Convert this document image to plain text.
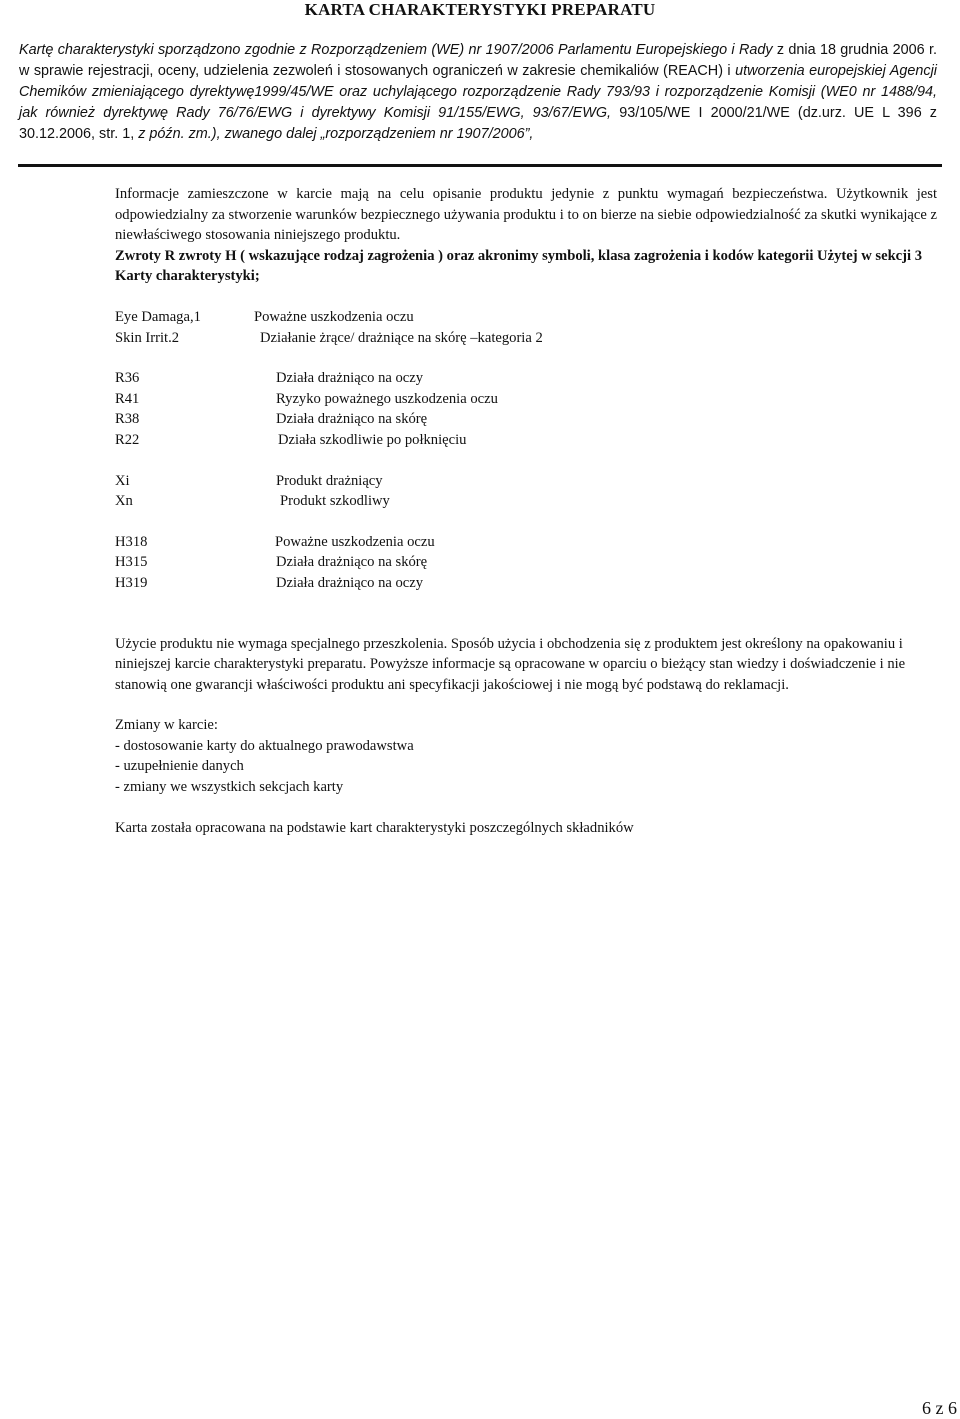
KARTA CHARAKTERYSTYKI PREPARATU
Kartę charakterystyki sporządzono zgodnie z Rozporządzeniem (WE) nr 1907/2006 Parlamentu Europejskiego i Rady z dnia 18 grudnia 2006 r. w sprawie rejestracji, oceny, udzielenia zezwoleń i stosowanych ograniczeń w zakresie chemikaliów (REACH) i utworzenia europejskiej Agencji Chemików zmieniającego dyrektywę1999/45/WE oraz uchylającego rozporządzenie Rady 793/93 i rozporządzenie Komisji (WE0 nr 1488/94, jak również dyrektywę Rady 76/76/EWG i dyrektywy Komisji 91/155/EWG, 93/67/EWG, 93/105/WE I 2000/21/WE (dz.urz. UE L 396 z 30.12.2006, str. 1, z późn. zm.), zwanego dalej „rozporządzeniem nr 1907/2006”,

Informacje zamieszczone w karcie mają na celu opisanie produktu jedynie z punktu wymagań bezpieczeństwa. Użytkownik jest odpowiedzialny za stworzenie warunków bezpiecznego używania produktu i to on bierze na siebie odpowiedzialność za skutki wynikające z niewłaściwego stosowania niniejszego produktu.

Zwroty R zwroty H ( wskazujące rodzaj zagrożenia ) oraz akronimy symboli, klasa zagrożenia i kodów kategorii Użytej w sekcji 3 Karty charakterystyki;

Eye Damaga,1	Poważne uszkodzenia oczu
Skin Irrit.2	Działanie żrące/ drażniące na skórę –kategoria 2
R36	Działa drażniąco na oczy
R41	Ryzyko poważnego uszkodzenia oczu
R38	Działa drażniąco na skórę
R22	Działa szkodliwie po połknięciu
Xi	Produkt drażniący
Xn	Produkt szkodliwy
H318	Poważne uszkodzenia oczu
H315	Działa drażniąco na skórę
H319	Działa drażniąco na oczy

Użycie produktu nie wymaga specjalnego przeszkolenia. Sposób użycia i obchodzenia się z produktem jest określony na opakowaniu i niniejszej karcie charakterystyki preparatu. Powyższe informacje są opracowane w oparciu o bieżący stan wiedzy i doświadczenie i nie stanowią one gwarancji właściwości produktu ani specyfikacji jakościowej i nie mogą być podstawą do reklamacji.

Zmiany w karcie:

- dostosowanie karty do aktualnego prawodawstwa

- uzupełnienie danych

- zmiany we wszystkich sekcjach karty

Karta została opracowana na podstawie kart charakterystyki poszczególnych składników

6 z 6
